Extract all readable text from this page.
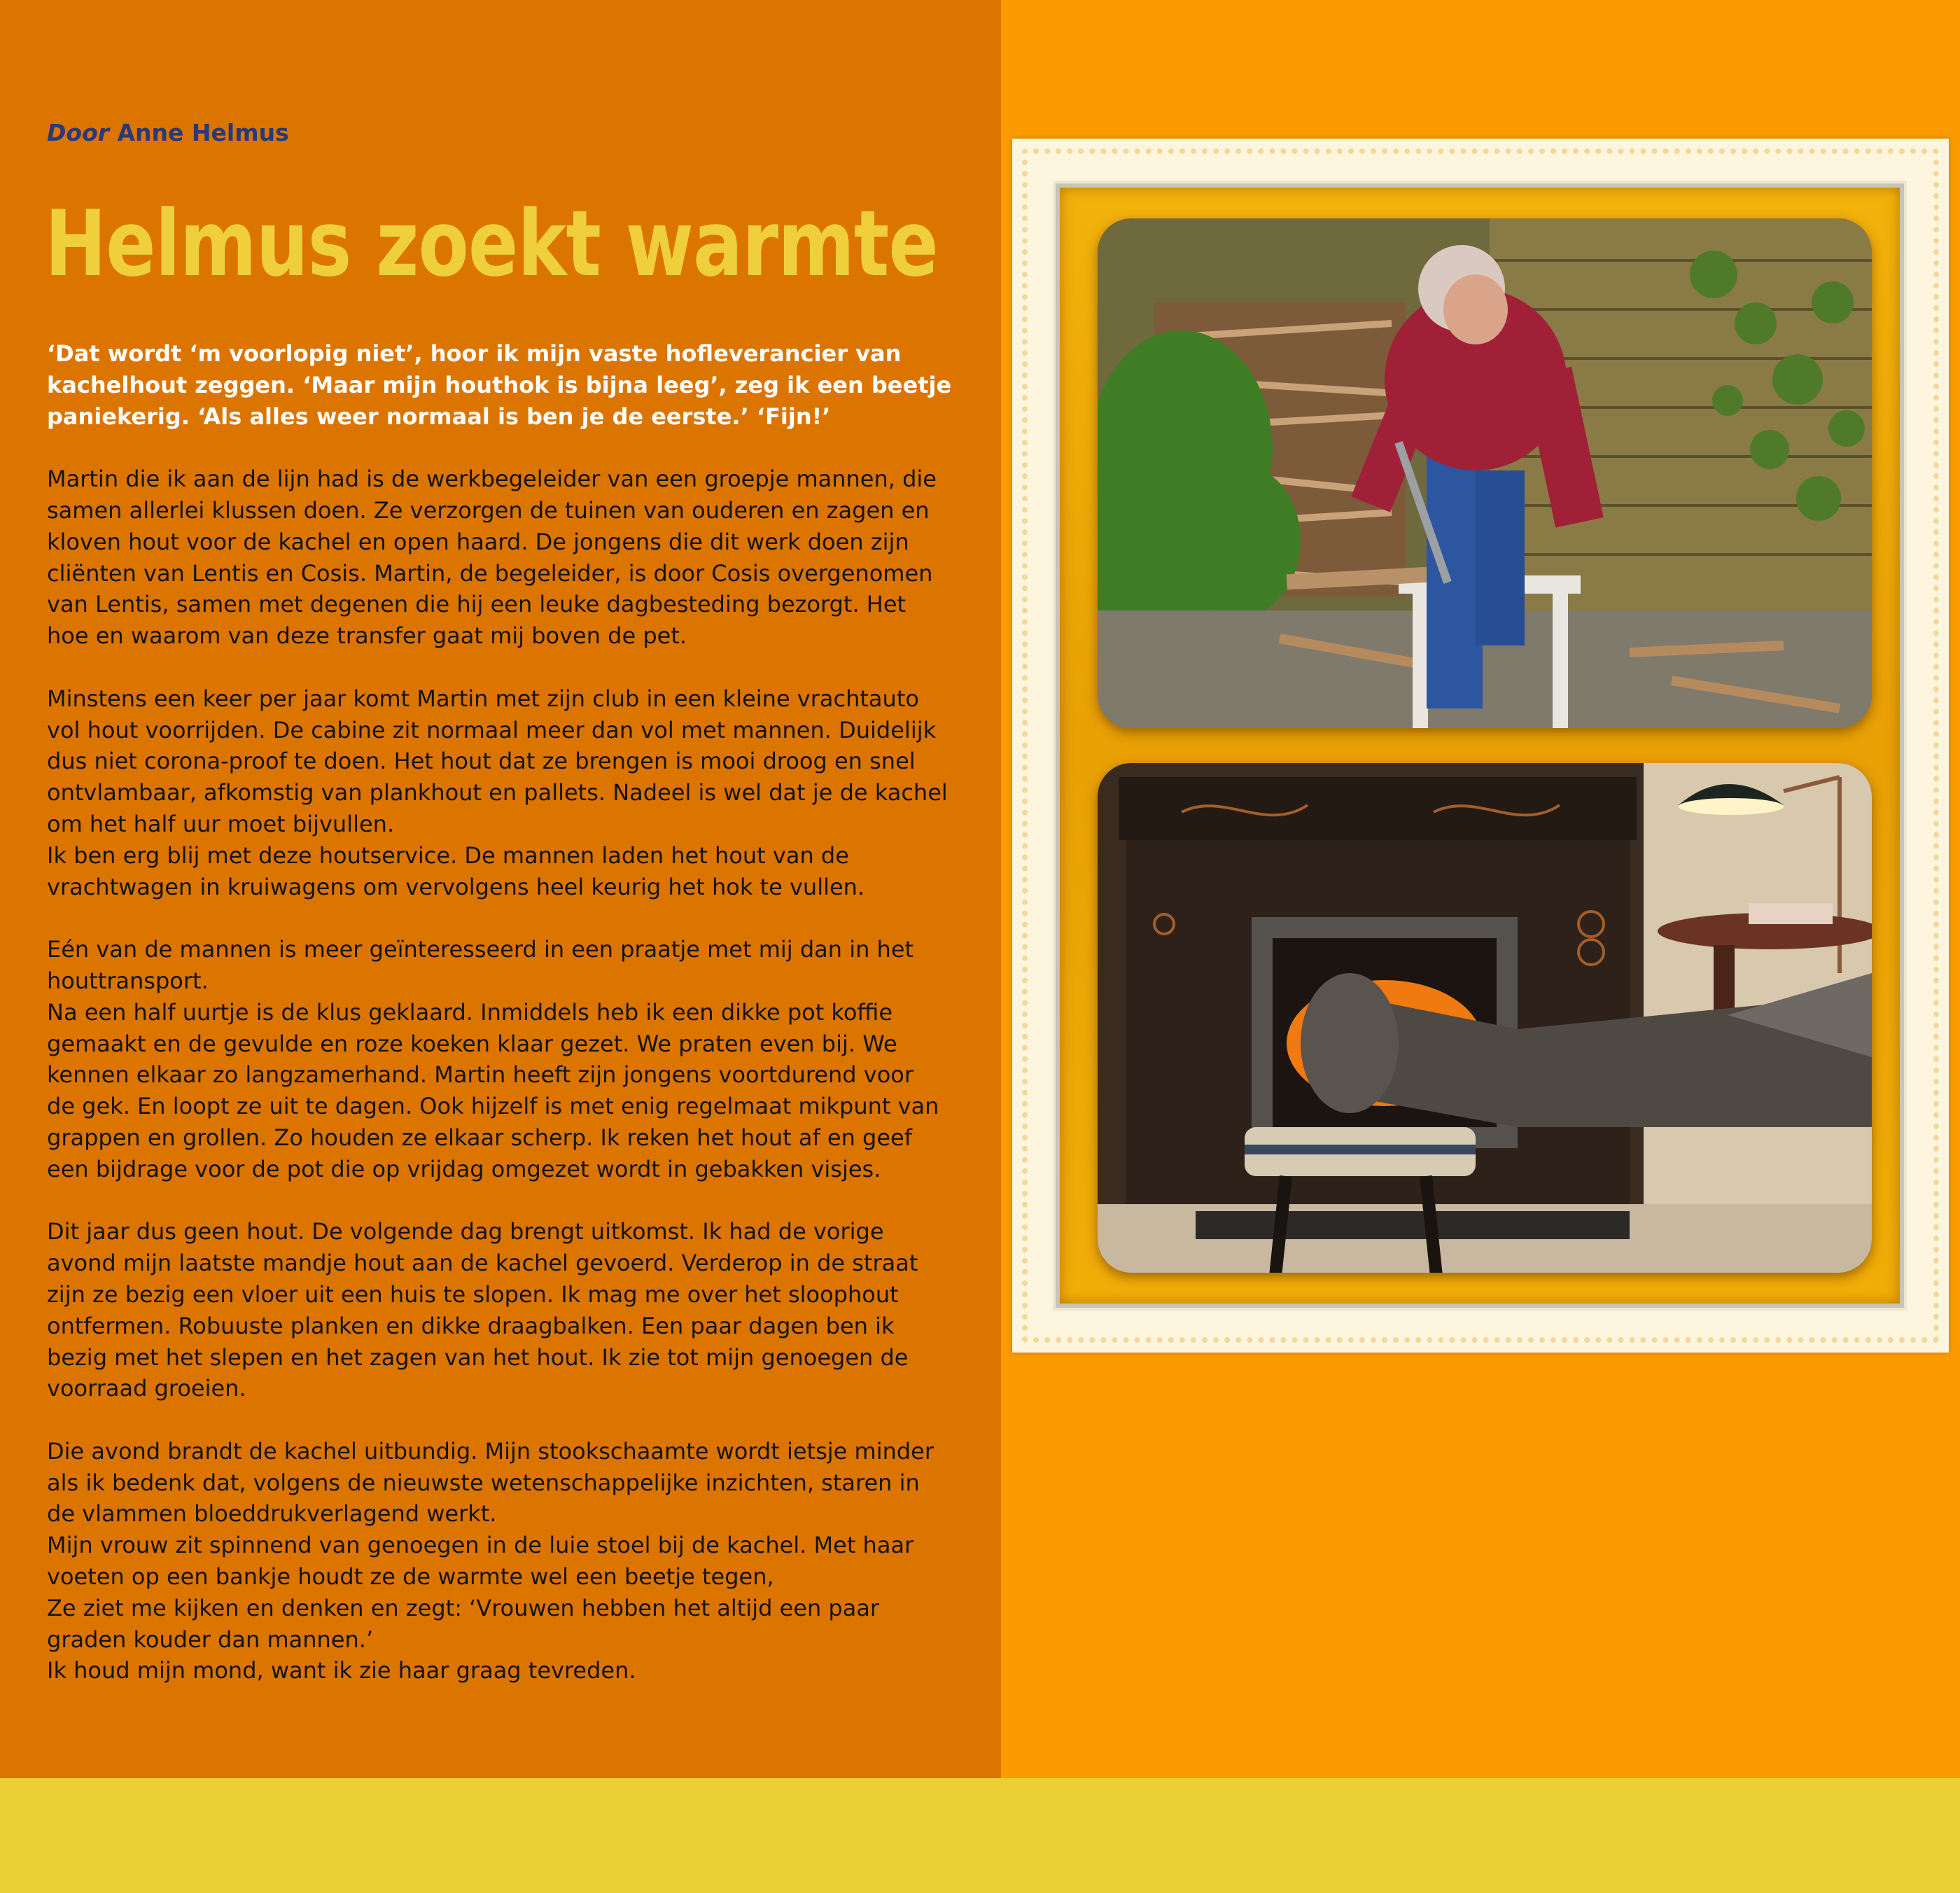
Door Anne Helmus
Helmus zoekt warmte

‘Dat wordt ‘m voorlopig niet’, hoor ik mijn vaste hofleverancier van
kachelhout zeggen. ‘Maar mijn houthok is bijna leeg’, zeg ik een beetje
paniekerig. ‘Als alles weer normaal is ben je de eerste.’ ‘Fijn!’

Martin die ik aan de lijn had is de werkbegeleider van een groepje mannen, die
samen allerlei klussen doen. Ze verzorgen de tuinen van ouderen en zagen en
kloven hout voor de kachel en open haard. De jongens die dit werk doen zijn
cliënten van Lentis en Cosis. Martin, de begeleider, is door Cosis overgenomen
van Lentis, samen met degenen die hij een leuke dagbesteding bezorgt. Het
hoe en waarom van deze transfer gaat mij boven de pet.

Minstens een keer per jaar komt Martin met zijn club in een kleine vrachtauto
vol hout voorrijden. De cabine zit normaal meer dan vol met mannen. Duidelijk
dus niet corona-proof te doen. Het hout dat ze brengen is mooi droog en snel
ontvlambaar, afkomstig van plankhout en pallets. Nadeel is wel dat je de kachel
om het half uur moet bijvullen.
Ik ben erg blij met deze houtservice. De mannen laden het hout van de
vrachtwagen in kruiwagens om vervolgens heel keurig het hok te vullen.

Eén van de mannen is meer geïnteresseerd in een praatje met mij dan in het
houttransport.
Na een half uurtje is de klus geklaard. Inmiddels heb ik een dikke pot koffie
gemaakt en de gevulde en roze koeken klaar gezet. We praten even bij. We
kennen elkaar zo langzamerhand. Martin heeft zijn jongens voortdurend voor
de gek. En loopt ze uit te dagen. Ook hijzelf is met enig regelmaat mikpunt van
grappen en grollen. Zo houden ze elkaar scherp. Ik reken het hout af en geef
een bijdrage voor de pot die op vrijdag omgezet wordt in gebakken visjes.

Dit jaar dus geen hout. De volgende dag brengt uitkomst. Ik had de vorige
avond mijn laatste mandje hout aan de kachel gevoerd. Verderop in de straat
zijn ze bezig een vloer uit een huis te slopen. Ik mag me over het sloophout
ontfermen. Robuuste planken en dikke draagbalken. Een paar dagen ben ik
bezig met het slepen en het zagen van het hout. Ik zie tot mijn genoegen de
voorraad groeien.

Die avond brandt de kachel uitbundig. Mijn stookschaamte wordt ietsje minder
als ik bedenk dat, volgens de nieuwste wetenschappelijke inzichten, staren in
de vlammen bloeddrukverlagend werkt.
Mijn vrouw zit spinnend van genoegen in de luie stoel bij de kachel. Met haar
voeten op een bankje houdt ze de warmte wel een beetje tegen,
Ze ziet me kijken en denken en zegt: ‘Vrouwen hebben het altijd een paar
graden kouder dan mannen.’
Ik houd mijn mond, want ik zie haar graag tevreden.
